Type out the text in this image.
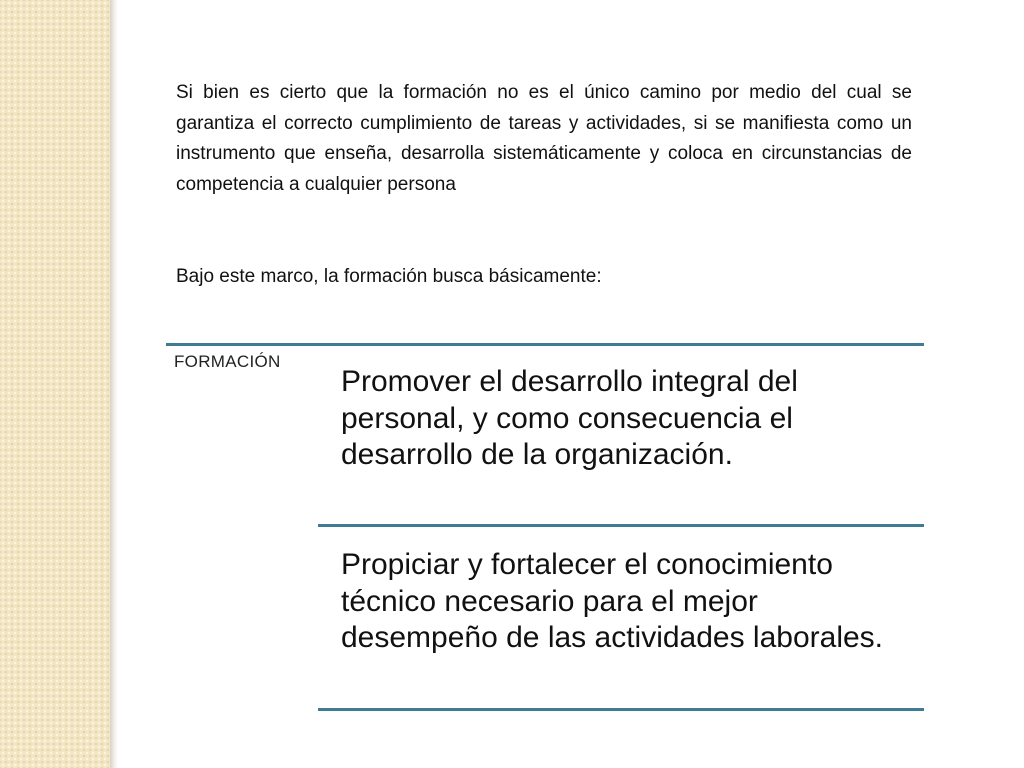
Si bien es cierto que la formación no es el único camino por medio del cual se garantiza el correcto cumplimiento de tareas y actividades, si se manifiesta como un instrumento que enseña, desarrolla sistemáticamente y coloca en circunstancias de competencia a cualquier persona

Bajo este marco, la formación busca básicamente:

FORMACIÓN

Promover el desarrollo integral del personal, y como consecuencia el desarrollo de la organización.

Propiciar y fortalecer el conocimiento técnico necesario para el mejor desempeño de las actividades laborales.
